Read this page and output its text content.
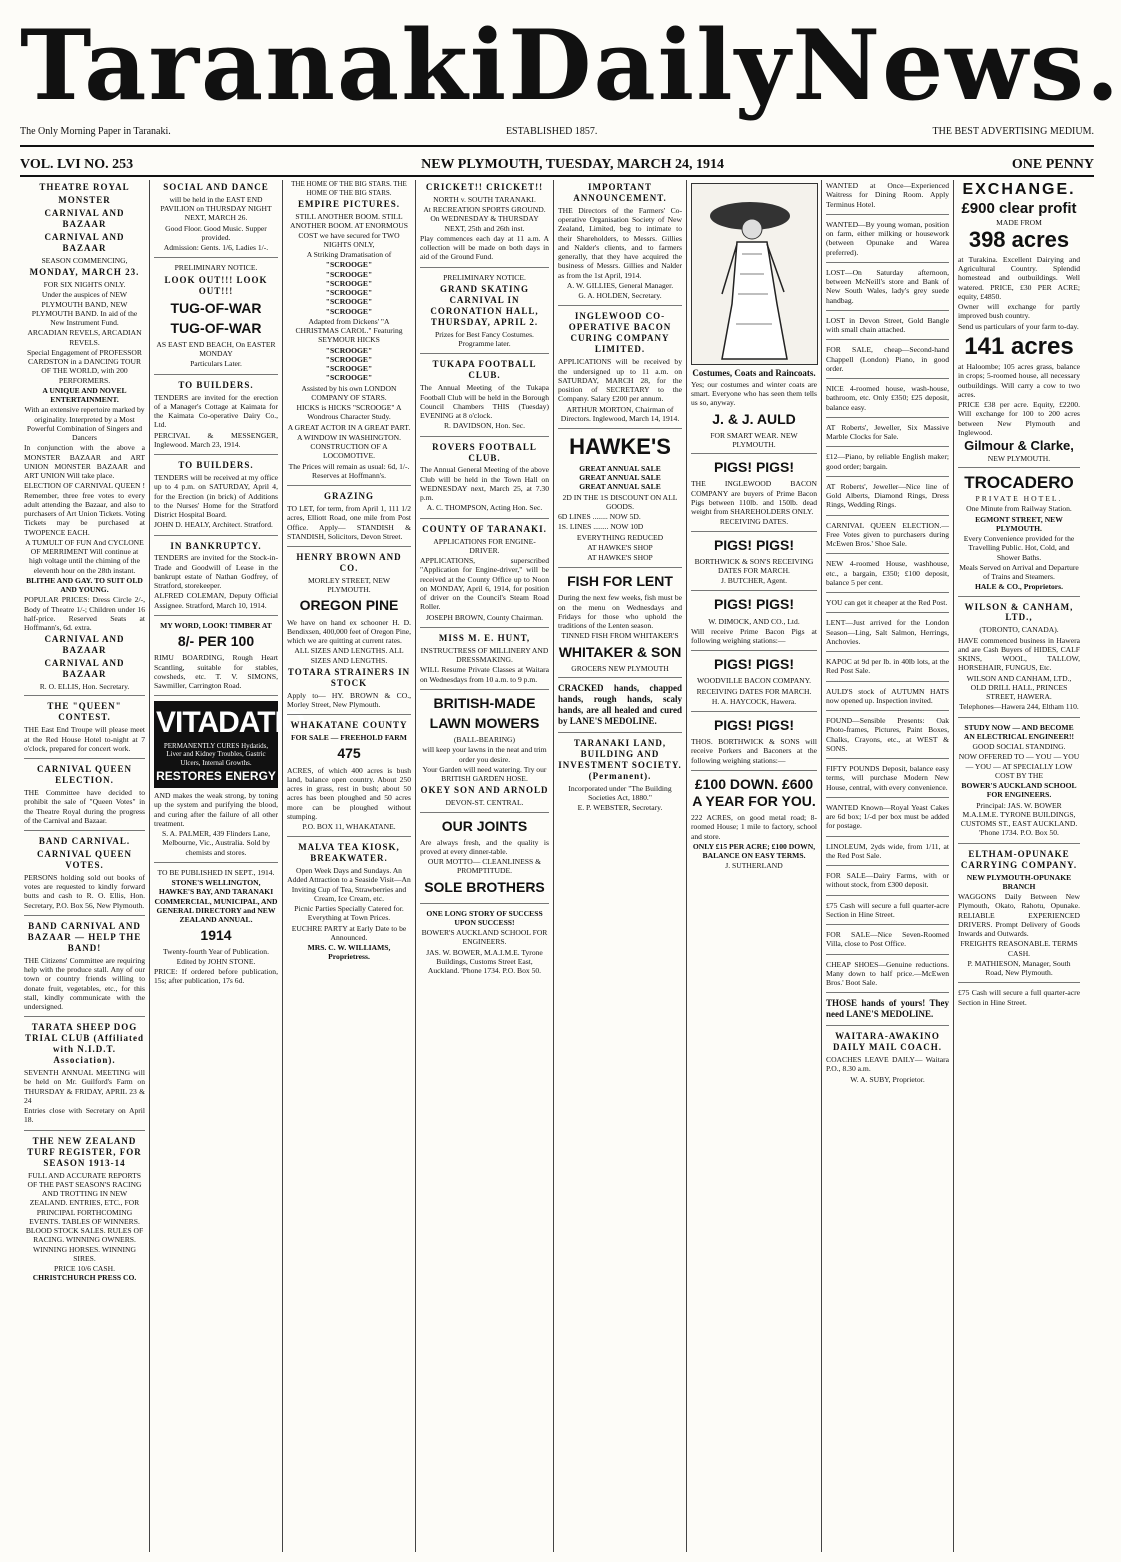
Taranaki Daily News.
The Only Morning Paper in Taranaki.	ESTABLISHED 1857.	THE BEST ADVERTISING MEDIUM.
VOL. LVI NO. 253	NEW PLYMOUTH, TUESDAY, MARCH 24, 1914	ONE PENNY
THEATRE ROYAL
MONSTER
CARNIVAL AND BAZAAR
CARNIVAL AND BAZAAR
SEASON COMMENCING,
MONDAY, MARCH 23.
FOR SIX NIGHTS ONLY.

Under the auspices of NEW PLYMOUTH BAND, NEW PLYMOUTH BAND. In aid of the New Instrument Fund.

ARCADIAN REVELS, ARCADIAN REVELS.

Special Engagement of PROFESSOR CARDSTON in a DANCING TOUR OF THE WORLD, with 200 PERFORMERS.

A UNIQUE AND NOVEL ENTERTAINMENT.

With an extensive repertoire marked by originality. Interpreted by a Most Powerful Combination of Singers and Dancers

In conjunction with the above a MONSTER BAZAAR and ART UNION MONSTER BAZAAR and ART UNION Will take place.

ELECTION OF CARNIVAL QUEEN ! Remember, three free votes to every adult attending the Bazaar, and also to purchasers of Art Union Tickets. Voting Tickets may be purchased at TWOPENCE EACH.

A TUMULT OF FUN And CYCLONE OF MERRIMENT Will continue at high voltage until the chiming of the eleventh hour on the 28th instant.

BLITHE AND GAY. TO SUIT OLD AND YOUNG.

POPULAR PRICES: Dress Circle 2/-, Body of Theatre 1/-; Children under 16 half-price. Reserved Seats at Hoffmann's, 6d. extra.

CARNIVAL AND BAZAAR
CARNIVAL AND BAZAAR
R. O. ELLIS, Hon. Secretary.
THE "QUEEN" CONTEST.

THE East End Troupe will please meet at the Red House Hotel to-night at 7 o'clock, prepared for concert work.

CARNIVAL QUEEN ELECTION.

THE Committee have decided to prohibit the sale of "Queen Votes" in the Theatre Royal during the progress of the Carnival and Bazaar.

BAND CARNIVAL.
CARNIVAL QUEEN VOTES.

PERSONS holding sold out books of votes are requested to kindly forward butts and cash to R. O. Ellis, Hon. Secretary, P.O. Box 56, New Plymouth.

BAND CARNIVAL AND BAZAAR — HELP THE BAND!

THE Citizens' Committee are requiring help with the produce stall. Any of our town or country friends willing to donate fruit, vegetables, etc., for this stall, kindly communicate with the undersigned.

TARATA SHEEP DOG TRIAL CLUB (Affiliated with N.I.D.T. Association).

SEVENTH ANNUAL MEETING will be held on Mr. Guilford's Farm on THURSDAY & FRIDAY, APRIL 23 & 24

Entries close with Secretary on April 18.

THE NEW ZEALAND TURF REGISTER, FOR SEASON 1913-14

FULL AND ACCURATE REPORTS OF THE PAST SEASON'S RACING AND TROTTING IN NEW ZEALAND. ENTRIES, ETC., FOR PRINCIPAL FORTHCOMING EVENTS. TABLES OF WINNERS. BLOOD STOCK SALES. RULES OF RACING. WINNING OWNERS. WINNING HORSES. WINNING SIRES.

PRICE 10/6 CASH.
CHRISTCHURCH PRESS CO.
SOCIAL AND DANCE

will be held in the EAST END PAVILION on THURSDAY NIGHT NEXT, MARCH 26.

Good Floor. Good Music. Supper provided.

Admission: Gents. 1/6, Ladies 1/-.

PRELIMINARY NOTICE.
LOOK OUT!!! LOOK OUT!!!
TUG-OF-WAR
TUG-OF-WAR

AS EAST END BEACH, On EASTER MONDAY

Particulars Later.

TO BUILDERS.

TENDERS are invited for the erection of a Manager's Cottage at Kaimata for the Kaimata Co-operative Dairy Co., Ltd.

PERCIVAL & MESSENGER, Inglewood. March 23, 1914.

TO BUILDERS.

TENDERS will be received at my office up to 4 p.m. on SATURDAY, April 4, for the Erection (in brick) of Additions to the Nurses' Home for the Stratford District Hospital Board.

JOHN D. HEALY, Architect. Stratford.

IN BANKRUPTCY.

TENDERS are invited for the Stock-in-Trade and Goodwill of Lease in the bankrupt estate of Nathan Godfrey, of Stratford, storekeeper.

ALFRED COLEMAN, Deputy Official Assignee. Stratford, March 10, 1914.

MY WORD, LOOK! TIMBER AT
8/- PER 100

RIMU BOARDING, Rough Heart Scantling, suitable for stables, cowsheds, etc. T. V. SIMONS, Sawmiller, Carrington Road.

VITADATIO
PERMANENTLY CURES Hydatids, Liver and Kidney Troubles, Gastric Ulcers, Internal Growths.
RESTORES ENERGY

AND makes the weak strong, by toning up the system and purifying the blood, and curing after the failure of all other treatment.

S. A. PALMER, 439 Flinders Lane, Melbourne, Vic., Australia. Sold by chemists and stores.

TO BE PUBLISHED IN SEPT., 1914.

STONE'S WELLINGTON, HAWKE'S BAY, AND TARANAKI COMMERCIAL, MUNICIPAL, AND GENERAL DIRECTORY and NEW ZEALAND ANNUAL.

1914

Twenty-fourth Year of Publication. Edited by JOHN STONE.

PRICE: If ordered before publication, 15s; after publication, 17s 6d.

THE HOME OF THE BIG STARS. THE HOME OF THE BIG STARS.
EMPIRE PICTURES.

STILL ANOTHER BOOM. STILL ANOTHER BOOM. AT ENORMOUS COST we have secured for TWO NIGHTS ONLY,

A Striking Dramatisation of

"SCROOGE"
"SCROOGE"
"SCROOGE"
"SCROOGE"
"SCROOGE"
"SCROOGE"

Adapted from Dickens' "A CHRISTMAS CAROL." Featuring SEYMOUR HICKS

"SCROOGE"
"SCROOGE"
"SCROOGE"
"SCROOGE"

Assisted by his own LONDON COMPANY OF STARS.

HICKS is HICKS "SCROOGE" A Wondrous Character Study.

A GREAT ACTOR IN A GREAT PART.

A WINDOW IN WASHINGTON. CONSTRUCTION OF A LOCOMOTIVE.

The Prices will remain as usual: 6d, 1/-. Reserves at Hoffmann's.

GRAZING

TO LET, for term, from April 1, 111 1/2 acres, Elliott Road, one mile from Post Office. Apply— STANDISH & STANDISH, Solicitors, Devon Street.

HENRY BROWN AND CO.
MORLEY STREET, NEW PLYMOUTH.
OREGON PINE

We have on hand ex schooner H. D. Bendixsen, 400,000 feet of Oregon Pine, which we are quitting at current rates.

ALL SIZES AND LENGTHS. ALL SIZES AND LENGTHS.

TOTARA STRAINERS IN STOCK

Apply to— HY. BROWN & CO., Morley Street, New Plymouth.

WHAKATANE COUNTY
FOR SALE — FREEHOLD FARM
475

ACRES, of which 400 acres is bush land, balance open country. About 250 acres in grass, rest in bush; about 50 acres has been ploughed and 50 acres more can be ploughed without stumping.

P.O. BOX 11, WHAKATANE.

MALVA TEA KIOSK, BREAKWATER.

Open Week Days and Sundays. An Added Attraction to a Seaside Visit—An Inviting Cup of Tea, Strawberries and Cream, Ice Cream, etc.

Picnic Parties Specially Catered for. Everything at Town Prices.

EUCHRE PARTY at Early Date to be Announced.

MRS. C. W. WILLIAMS, Proprietress.

CRICKET!! CRICKET!!
NORTH v. SOUTH TARANAKI.

At RECREATION SPORTS GROUND. On WEDNESDAY & THURSDAY NEXT, 25th and 26th inst.

Play commences each day at 11 a.m. A collection will be made on both days in aid of the Ground Fund.

PRELIMINARY NOTICE.
GRAND SKATING CARNIVAL IN CORONATION HALL, THURSDAY, APRIL 2.

Prizes for Best Fancy Costumes. Programme later.

TUKAPA FOOTBALL CLUB.

The Annual Meeting of the Tukapa Football Club will be held in the Borough Council Chambers THIS (Tuesday) EVENING at 8 o'clock.

R. DAVIDSON, Hon. Sec.

ROVERS FOOTBALL CLUB.

The Annual General Meeting of the above Club will be held in the Town Hall on WEDNESDAY next, March 25, at 7.30 p.m.

A. C. THOMPSON, Acting Hon. Sec.

COUNTY OF TARANAKI.
APPLICATIONS FOR ENGINE-DRIVER.

APPLICATIONS, superscribed "Application for Engine-driver," will be received at the County Office up to Noon on MONDAY, April 6, 1914, for position of driver on the Council's Steam Road Roller.

JOSEPH BROWN, County Chairman.

MISS M. E. HUNT,
INSTRUCTRESS OF MILLINERY AND DRESSMAKING.

WILL Resume Private Classes at Waitara on Wednesdays from 10 a.m. to 9 p.m.

BRITISH-MADE
LAWN MOWERS
(BALL-BEARING)

will keep your lawns in the neat and trim order you desire.

Your Garden will need watering. Try our BRITISH GARDEN HOSE.

OKEY SON AND ARNOLD
DEVON-ST. CENTRAL.
OUR JOINTS

Are always fresh, and the quality is proved at every dinner-table.

OUR MOTTO— CLEANLINESS & PROMPTITUDE.

SOLE BROTHERS
ONE LONG STORY OF SUCCESS UPON SUCCESS!

BOWER'S AUCKLAND SCHOOL FOR ENGINEERS.

JAS. W. BOWER, M.A.I.M.E. Tyrone Buildings, Customs Street East, Auckland. 'Phone 1734. P.O. Box 50.

IMPORTANT ANNOUNCEMENT.

THE Directors of the Farmers' Co-operative Organisation Society of New Zealand, Limited, beg to intimate to their Shareholders, to Messrs. Gillies and Nalder's clients, and to farmers generally, that they have acquired the business of Messrs. Gillies and Nalder as from the 1st April, 1914.

A. W. GILLIES, General Manager.

G. A. HOLDEN, Secretary.

INGLEWOOD CO-OPERATIVE BACON CURING COMPANY LIMITED.

APPLICATIONS will be received by the undersigned up to 11 a.m. on SATURDAY, MARCH 28, for the position of SECRETARY to the Company. Salary £200 per annum.

ARTHUR MORTON, Chairman of Directors. Inglewood, March 14, 1914.

HAWKE'S
GREAT ANNUAL SALE
GREAT ANNUAL SALE
GREAT ANNUAL SALE

2D IN THE 1S DISCOUNT ON ALL GOODS.

6D LINES ........ NOW 5D.

1S. LINES ........ NOW 10D

EVERYTHING REDUCED

AT HAWKE'S SHOP

AT HAWKE'S SHOP

FISH FOR LENT

During the next few weeks, fish must be on the menu on Wednesdays and Fridays for those who uphold the traditions of the Lenten season.

TINNED FISH FROM WHITAKER'S

WHITAKER & SON
GROCERS NEW PLYMOUTH

CRACKED hands, chapped hands, rough hands, scaly hands, are all healed and cured by LANE'S MEDOLINE.

TARANAKI LAND, BUILDING AND INVESTMENT SOCIETY. (Permanent).

Incorporated under "The Building Societies Act, 1880."

E. P. WEBSTER, Secretary.

Costumes, Coats and Raincoats.

Yes; our costumes and winter coats are smart. Everyone who has seen them tells us so, anyway.

J. & J. AULD
FOR SMART WEAR. NEW PLYMOUTH.
PIGS! PIGS!

THE INGLEWOOD BACON COMPANY are buyers of Prime Bacon Pigs between 110lb. and 150lb. dead weight from SHAREHOLDERS ONLY.

RECEIVING DATES.
PIGS! PIGS!

BORTHWICK & SON'S RECEIVING DATES FOR MARCH.

J. BUTCHER, Agent.

PIGS! PIGS!
W. DIMOCK, AND CO., Ltd.

Will receive Prime Bacon Pigs at following weighing stations:—

PIGS! PIGS!
WOODVILLE BACON COMPANY.

RECEIVING DATES FOR MARCH.

H. A. HAYCOCK, Hawera.

PIGS! PIGS!

THOS. BORTHWICK & SONS will receive Porkers and Baconers at the following weighing stations:—

£100 DOWN. £600 A YEAR FOR YOU.

222 ACRES, on good metal road; 8-roomed House; 1 mile to factory, school and store.

ONLY £15 PER ACRE; £100 DOWN, BALANCE ON EASY TERMS.

J. SUTHERLAND

WANTED at Once—Experienced Waitress for Dining Room. Apply Terminus Hotel.

WANTED—By young woman, position on farm, either milking or housework (between Opunake and Warea preferred).

LOST—On Saturday afternoon, between McNeill's store and Bank of New South Wales, lady's grey suede handbag.

LOST in Devon Street, Gold Bangle with small chain attached.

FOR SALE, cheap—Second-hand Chappell (London) Piano, in good order.

NICE 4-roomed house, wash-house, bathroom, etc. Only £350; £25 deposit, balance easy.

AT Roberts', Jeweller, Six Massive Marble Clocks for Sale.

£12—Piano, by reliable English maker; good order; bargain.

AT Roberts', Jeweller—Nice line of Gold Alberts, Diamond Rings, Dress Rings, Wedding Rings.

CARNIVAL QUEEN ELECTION.— Free Votes given to purchasers during McEwen Bros.' Shoe Sale.

NEW 4-roomed House, washhouse, etc., a bargain, £350; £100 deposit, balance 5 per cent.

YOU can get it cheaper at the Red Post.

LENT—Just arrived for the London Season—Ling, Salt Salmon, Herrings, Anchovies.

KAPOC at 9d per lb. in 40lb lots, at the Red Post Sale.

AULD'S stock of AUTUMN HATS now opened up. Inspection invited.

FOUND—Sensible Presents: Oak Photo-frames, Pictures, Paint Boxes, Chalks, Crayons, etc., at WEST & SONS.

FIFTY POUNDS Deposit, balance easy terms, will purchase Modern New House, central, with every convenience.

WANTED Known—Royal Yeast Cakes are 6d box; 1/-d per box must be added for postage.

LINOLEUM, 2yds wide, from 1/11, at the Red Post Sale.

FOR SALE—Dairy Farms, with or without stock, from £300 deposit.

£75 Cash will secure a full quarter-acre Section in Hine Street.

FOR SALE—Nice Seven-Roomed Villa, close to Post Office.

CHEAP SHOES—Genuine reductions. Many down to half price.—McEwen Bros.' Boot Sale.

THOSE hands of yours! They need LANE'S MEDOLINE.

WAITARA-AWAKINO DAILY MAIL COACH.

COACHES LEAVE DAILY— Waitara P.O., 8.30 a.m.

W. A. SUBY, Proprietor.

EXCHANGE.
£900 clear profit
MADE FROM
398 acres

at Turakina. Excellent Dairying and Agricultural Country. Splendid homestead and outbuildings. Well watered. PRICE, £30 PER ACRE; equity, £4850.

Owner will exchange for partly improved bush country.

Send us particulars of your farm to-day.

141 acres

at Haloombe; 105 acres grass, balance in crops; 5-roomed house, all necessary outbuildings. Will carry a cow to two acres.

PRICE £38 per acre. Equity, £2200. Will exchange for 100 to 200 acres between New Plymouth and Inglewood.

Gilmour & Clarke,
NEW PLYMOUTH.
TROCADERO
PRIVATE HOTEL.

One Minute from Railway Station.

EGMONT STREET, NEW PLYMOUTH.

Every Convenience provided for the Travelling Public. Hot, Cold, and Shower Baths.

Meals Served on Arrival and Departure of Trains and Steamers.

HALE & CO., Proprietors.
WILSON & CANHAM, LTD.,
(TORONTO, CANADA).

HAVE commenced business in Hawera and are Cash Buyers of HIDES, CALF SKINS, WOOL, TALLOW, HORSEHAIR, FUNGUS, Etc.

WILSON AND CANHAM, LTD., OLD DRILL HALL, PRINCES STREET, HAWERA.

Telephones—Hawera 244, Eltham 110.

STUDY NOW — AND BECOME
AN ELECTRICAL ENGINEER!!

GOOD SOCIAL STANDING.

NOW OFFERED TO — YOU — YOU — YOU — AT SPECIALLY LOW COST BY THE

BOWER'S AUCKLAND SCHOOL FOR ENGINEERS.

Principal: JAS. W. BOWER M.A.I.M.E. TYRONE BUILDINGS, CUSTOMS ST., EAST AUCKLAND. 'Phone 1734. P.O. Box 50.

ELTHAM-OPUNAKE CARRYING COMPANY.
NEW PLYMOUTH-OPUNAKE BRANCH

WAGGONS Daily Between New Plymouth, Okato, Rahotu, Opunake. RELIABLE EXPERIENCED DRIVERS. Prompt Delivery of Goods Inwards and Outwards.

FREIGHTS REASONABLE. TERMS CASH.

P. MATHIESON, Manager, South Road, New Plymouth.

£75 Cash will secure a full quarter-acre Section in Hine Street.
